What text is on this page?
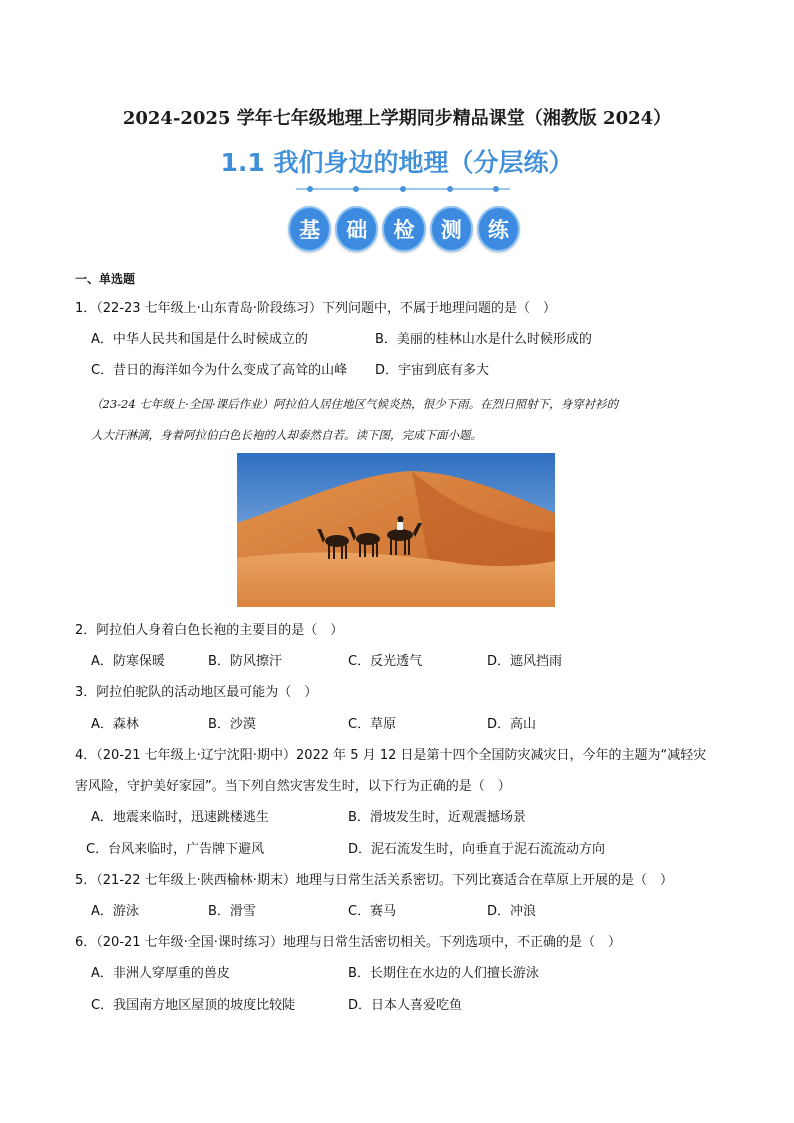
2024-2025 学年七年级地理上学期同步精品课堂（湘教版 2024）
1.1 我们身边的地理（分层练）
基	础	检	测	练
一、单选题
1．（22-23 七年级上·山东青岛·阶段练习）下列问题中，不属于地理问题的是（　）
A．中华人民共和国是什么时候成立的	B．美丽的桂林山水是什么时候形成的
C．昔日的海洋如今为什么变成了高耸的山峰 D．宇宙到底有多大
（23-24 七年级上·全国·课后作业）阿拉伯人居住地区气候炎热，很少下雨。在烈日照射下，身穿衬衫的
人大汗淋漓，身着阿拉伯白色长袍的人却泰然自若。读下图，完成下面小题。
2．阿拉伯人身着白色长袍的主要目的是（　）
A．防寒保暖	B．防风擦汗	C．反光透气	D．遮风挡雨
3．阿拉伯驼队的活动地区最可能为（　）
A．森林	B．沙漠	C．草原	D．高山
4．（20-21 七年级上·辽宁沈阳·期中）2022 年 5 月 12 日是第十四个全国防灾减灾日，今年的主题为“减轻灾
害风险，守护美好家园”。当下列自然灾害发生时，以下行为正确的是（　）
A．地震来临时，迅速跳楼逃生	B．滑坡发生时，近观震撼场景
C．台风来临时，广告牌下避风	D．泥石流发生时，向垂直于泥石流流动方向
5．（21-22 七年级上·陕西榆林·期末）地理与日常生活关系密切。下列比赛适合在草原上开展的是（　）
A．游泳	B．滑雪	C．赛马	D．冲浪
6．（20-21 七年级·全国·课时练习）地理与日常生活密切相关。下列选项中，不正确的是（　）
A．非洲人穿厚重的兽皮	B．长期住在水边的人们擅长游泳
C．我国南方地区屋顶的坡度比较陡	D．日本人喜爱吃鱼
